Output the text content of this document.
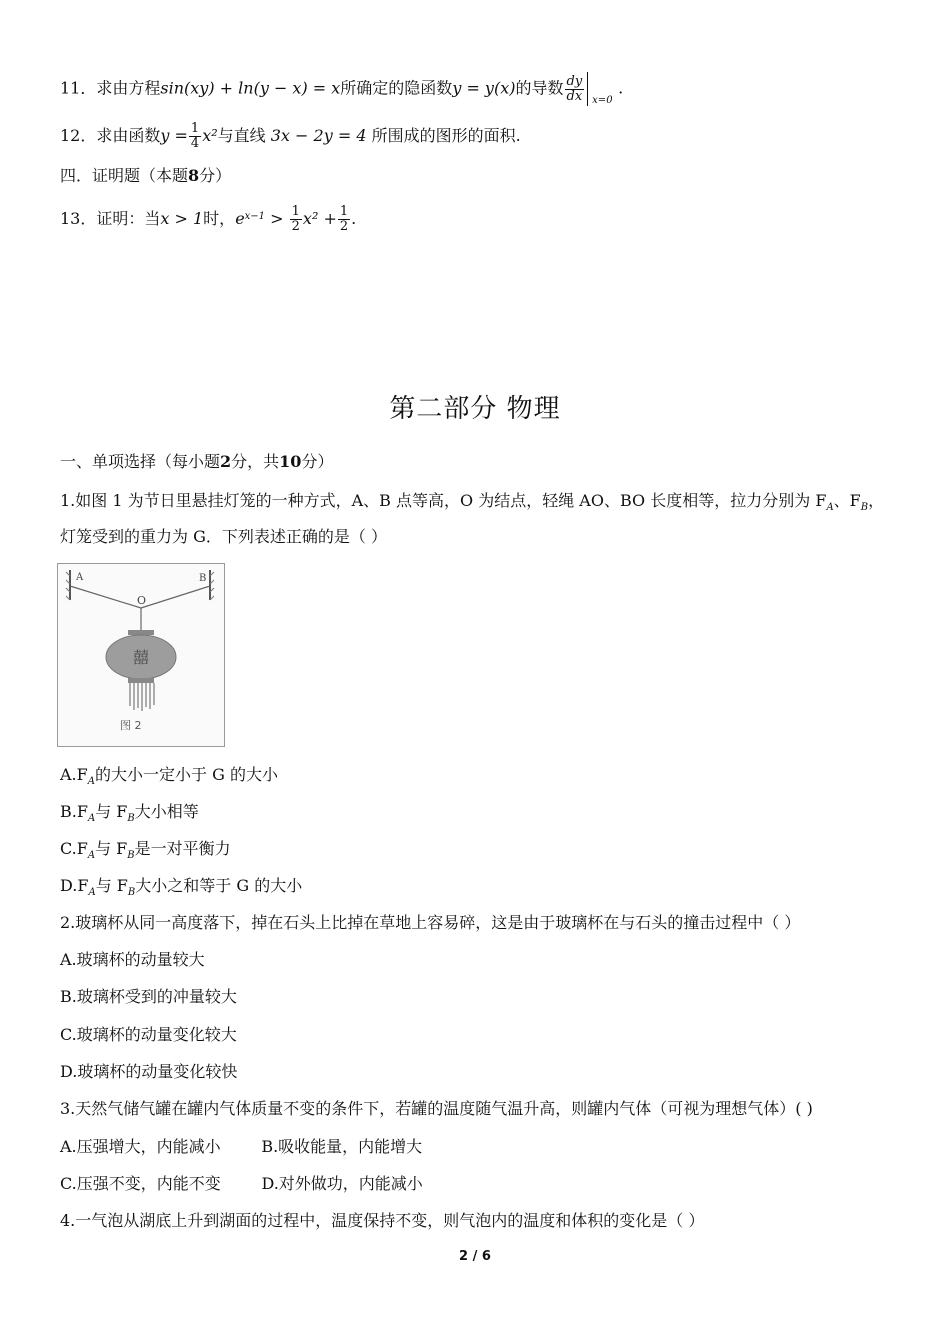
11．求由方程sin(xy) + ln(y − x) = x所确定的隐函数y = y(x)的导数 $\frac{dy}{dx} x=0$
.
12．求由函数$y = \frac{1}{4} x^2$与直线 3x − 2y = 4 所围成的图形的面积.
四．证明题（本题8分）
13．证明：当x > 1时，$e^{x-1} > \frac{1}{2} x^2 + \frac{1}{2}$ .
第二部分 物理
一、单项选择（每小题2分，共10分）
1.如图 1 为节日里悬挂灯笼的一种方式，A、B 点等高，O 为结点，轻绳 AO、BO 长度相等，拉力分别为 $F_A$、$F_B$，
灯笼受到的重力为 G．下列表述正确的是（ ）
A	B
O
囍
图 2
$A.F_A$的大小一定小于 G 的大小
$B.F_A$与 $F_B$大小相等
$C.F_A$与 $F_B$是一对平衡力
$D.F_A$与 $F_B$大小之和等于 G 的大小
2.玻璃杯从同一高度落下，掉在石头上比掉在草地上容易碎，这是由于玻璃杯在与石头的撞击过程中（ ）
A.玻璃杯的动量较大
B.玻璃杯受到的冲量较大
C.玻璃杯的动量变化较大
D.玻璃杯的动量变化较快
3.天然气储气罐在罐内气体质量不变的条件下，若罐的温度随气温升高，则罐内气体（可视为理想气体）( )
A.压强增大，内能减小        B.吸收能量，内能增大
C.压强不变，内能不变        D.对外做功，内能减小
4.一气泡从湖底上升到湖面的过程中，温度保持不变，则气泡内的温度和体积的变化是（ ）
2 / 6
